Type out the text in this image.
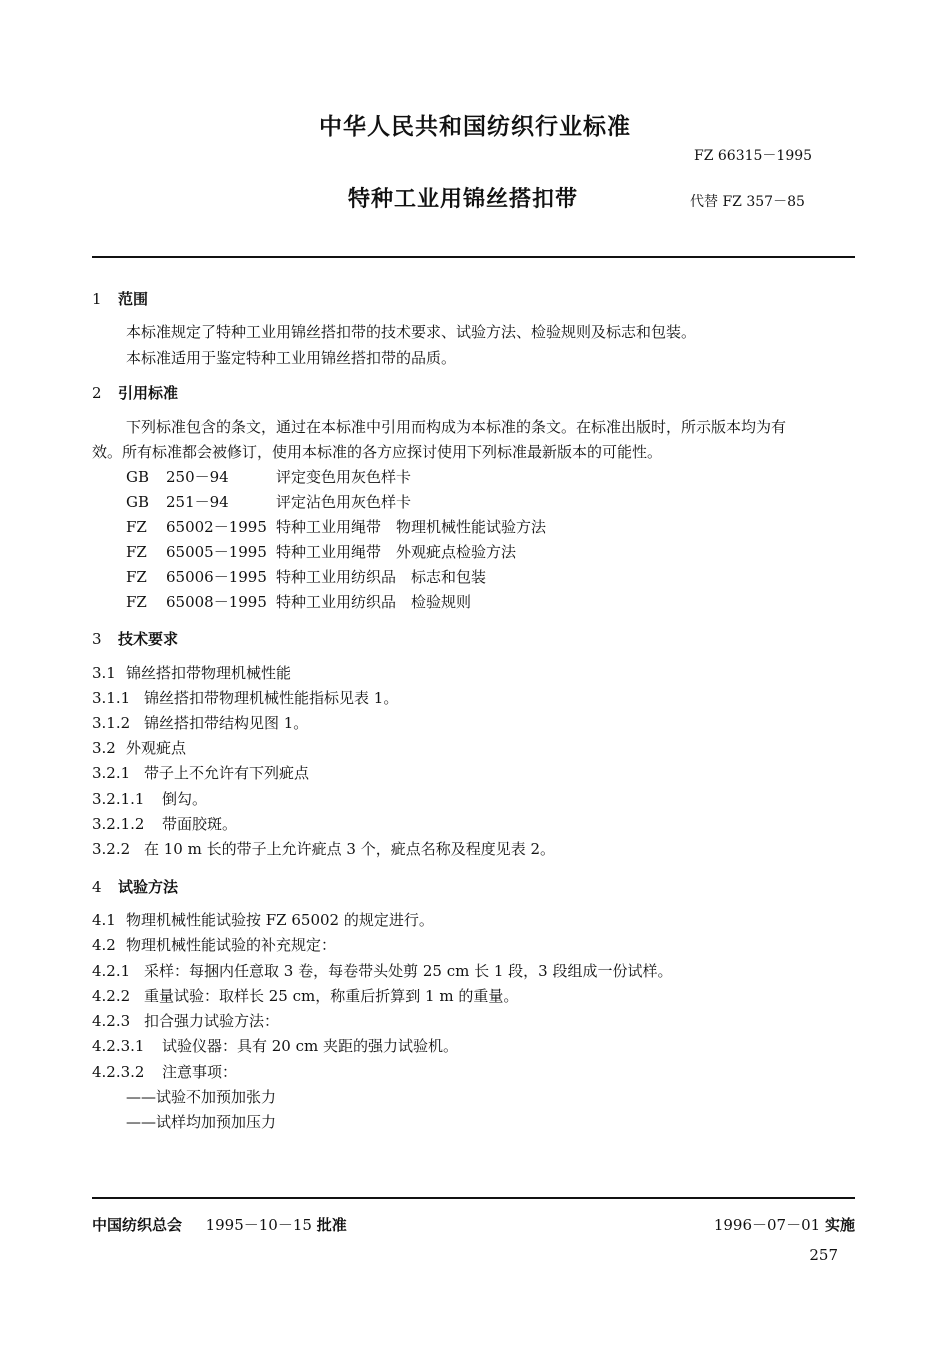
中华人民共和国纺织行业标准
FZ 66315－1995
特种工业用锦丝搭扣带	代替 FZ 357－85
1 范围
本标准规定了特种工业用锦丝搭扣带的技术要求、试验方法、检验规则及标志和包装。
本标准适用于鉴定特种工业用锦丝搭扣带的品质。
2 引用标准
下列标准包含的条文，通过在本标准中引用而构成为本标准的条文。在标准出版时，所示版本均为有
效。所有标准都会被修订，使用本标准的各方应探讨使用下列标准最新版本的可能性。
GB 250－94	评定变色用灰色样卡
GB 251－94	评定沾色用灰色样卡
FZ 65002－1995 特种工业用绳带　物理机械性能试验方法
FZ 65005－1995 特种工业用绳带　外观疵点检验方法
FZ 65006－1995 特种工业用纺织品　标志和包装
FZ 65008－1995 特种工业用纺织品　检验规则
3 技术要求
3.1 锦丝搭扣带物理机械性能
3.1.1 锦丝搭扣带物理机械性能指标见表 1。
3.1.2 锦丝搭扣带结构见图 1。
3.2 外观疵点
3.2.1 带子上不允许有下列疵点
3.2.1.1 倒勾。
3.2.1.2 带面胶斑。
3.2.2 在 10 m 长的带子上允许疵点 3 个，疵点名称及程度见表 2。
4 试验方法
4.1 物理机械性能试验按 FZ 65002 的规定进行。
4.2 物理机械性能试验的补充规定：
4.2.1 采样：每捆内任意取 3 卷，每卷带头处剪 25 cm 长 1 段，3 段组成一份试样。
4.2.2 重量试验：取样长 25 cm，称重后折算到 1 m 的重量。
4.2.3 扣合强力试验方法：
4.2.3.1 试验仪器：具有 20 cm 夹距的强力试验机。
4.2.3.2 注意事项：
——试验不加预加张力
——试样均加预加压力
中国纺织总会 1995－10－15 批准	1996－07－01 实施
257
